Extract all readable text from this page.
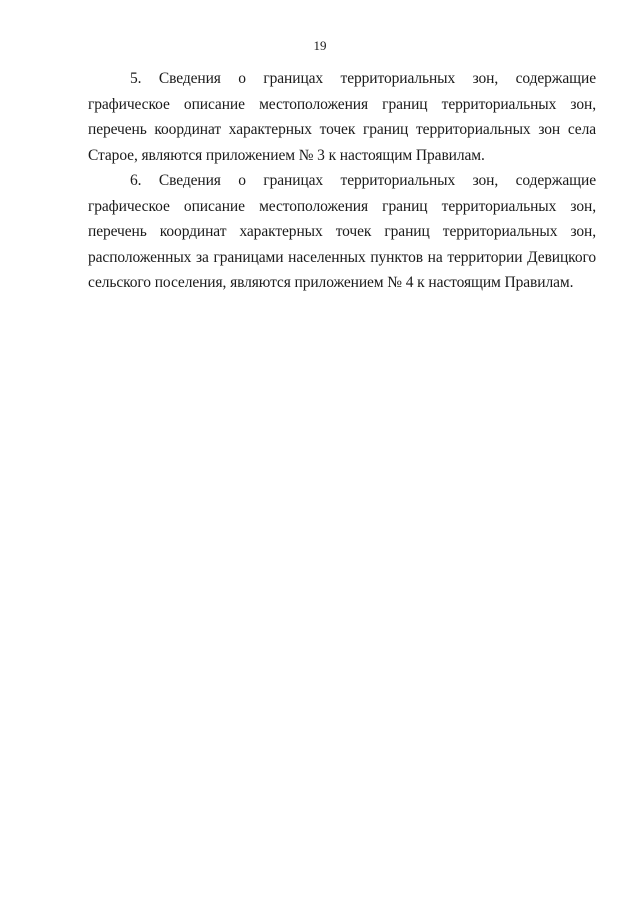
19

5. Сведения о границах территориальных зон, содержащие графическое описание местоположения границ территориальных зон, перечень координат характерных точек границ территориальных зон села Старое, являются приложением № 3 к настоящим Правилам.

6. Сведения о границах территориальных зон, содержащие графическое описание местоположения границ территориальных зон, перечень координат характерных точек границ территориальных зон, расположенных за границами населенных пунктов на территории Девицкого сельского поселения, являются приложением № 4 к настоящим Правилам.
